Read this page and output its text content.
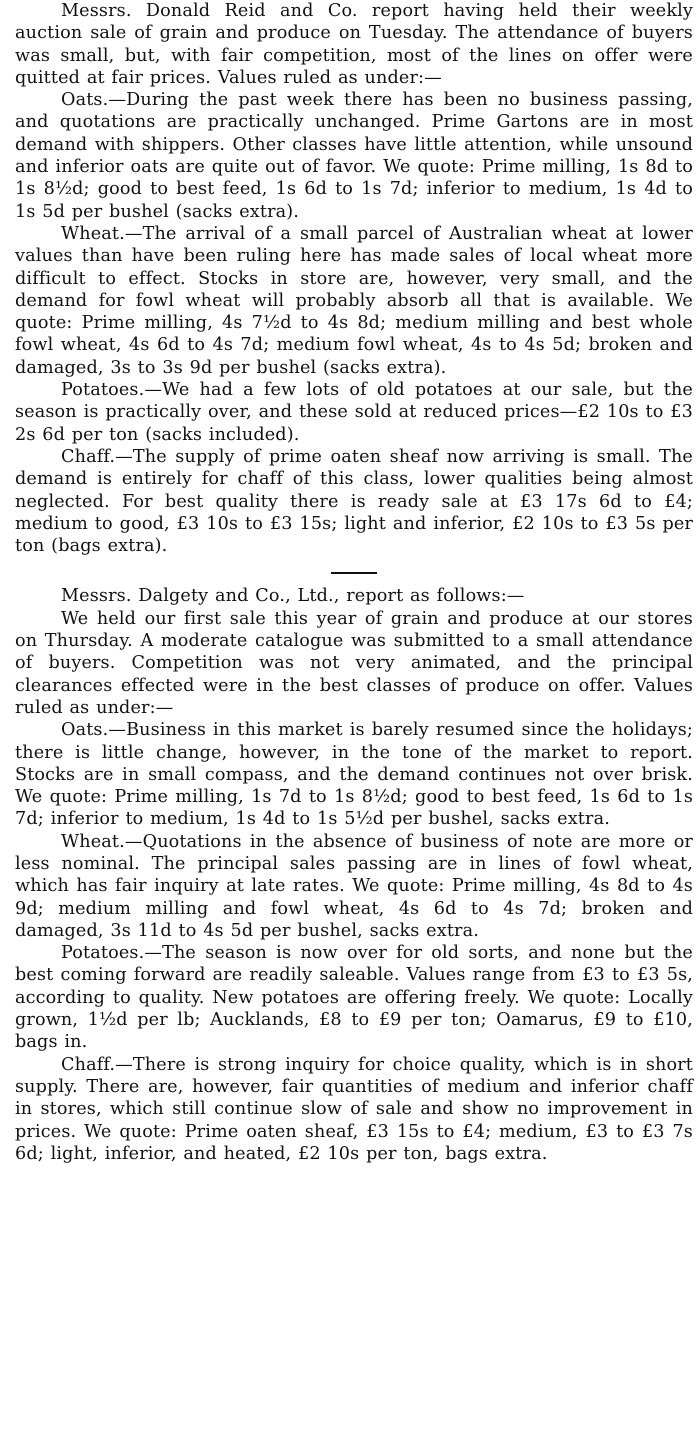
Messrs. Donald Reid and Co. report having held their weekly auction sale of grain and produce on Tuesday. The attendance of buyers was small, but, with fair competition, most of the lines on offer were quitted at fair prices. Values ruled as under:—

Oats.—During the past week there has been no business passing, and quotations are practically unchanged. Prime Gartons are in most demand with shippers. Other classes have little attention, while unsound and inferior oats are quite out of favor. We quote: Prime milling, 1s 8d to 1s 8½d; good to best feed, 1s 6d to 1s 7d; inferior to medium, 1s 4d to 1s 5d per bushel (sacks extra).

Wheat.—The arrival of a small parcel of Australian wheat at lower values than have been ruling here has made sales of local wheat more difficult to effect. Stocks in store are, however, very small, and the demand for fowl wheat will probably absorb all that is available. We quote: Prime milling, 4s 7½d to 4s 8d; medium milling and best whole fowl wheat, 4s 6d to 4s 7d; medium fowl wheat, 4s to 4s 5d; broken and damaged, 3s to 3s 9d per bushel (sacks extra).

Potatoes.—We had a few lots of old potatoes at our sale, but the season is practically over, and these sold at reduced prices—£2 10s to £3 2s 6d per ton (sacks included).

Chaff.—The supply of prime oaten sheaf now arriving is small. The demand is entirely for chaff of this class, lower qualities being almost neglected. For best quality there is ready sale at £3 17s 6d to £4; medium to good, £3 10s to £3 15s; light and inferior, £2 10s to £3 5s per ton (bags extra).

Messrs. Dalgety and Co., Ltd., report as follows:—

We held our first sale this year of grain and produce at our stores on Thursday. A moderate catalogue was submitted to a small attendance of buyers. Competition was not very animated, and the principal clearances effected were in the best classes of produce on offer. Values ruled as under:—

Oats.—Business in this market is barely resumed since the holidays; there is little change, however, in the tone of the market to report. Stocks are in small compass, and the demand continues not over brisk. We quote: Prime milling, 1s 7d to 1s 8½d; good to best feed, 1s 6d to 1s 7d; inferior to medium, 1s 4d to 1s 5½d per bushel, sacks extra.

Wheat.—Quotations in the absence of business of note are more or less nominal. The principal sales passing are in lines of fowl wheat, which has fair inquiry at late rates. We quote: Prime milling, 4s 8d to 4s 9d; medium milling and fowl wheat, 4s 6d to 4s 7d; broken and damaged, 3s 11d to 4s 5d per bushel, sacks extra.

Potatoes.—The season is now over for old sorts, and none but the best coming forward are readily saleable. Values range from £3 to £3 5s, according to quality. New potatoes are offering freely. We quote: Locally grown, 1½d per lb; Aucklands, £8 to £9 per ton; Oamarus, £9 to £10, bags in.

Chaff.—There is strong inquiry for choice quality, which is in short supply. There are, however, fair quantities of medium and inferior chaff in stores, which still continue slow of sale and show no improvement in prices. We quote: Prime oaten sheaf, £3 15s to £4; medium, £3 to £3 7s 6d; light, inferior, and heated, £2 10s per ton, bags extra.
